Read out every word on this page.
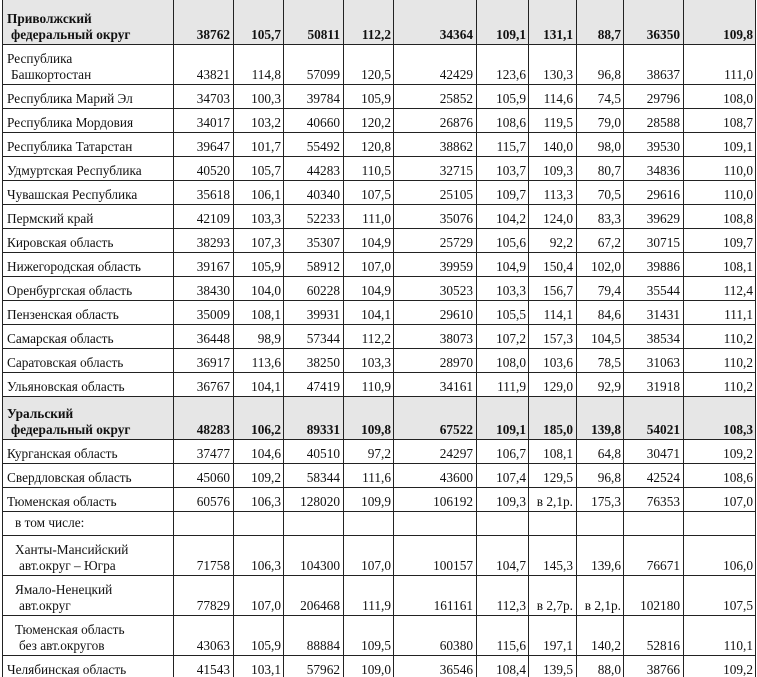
Приволжский
федеральный округ	38762	105,7	50811	112,2	34364	109,1	131,1	88,7	36350	109,8

Республика
Башкортостан	43821	114,8	57099	120,5	42429	123,6	130,3	96,8	38637	111,0

Республика Марий Эл	34703	100,3	39784	105,9	25852	105,9	114,6	74,5	29796	108,0

Республика Мордовия	34017	103,2	40660	120,2	26876	108,6	119,5	79,0	28588	108,7

Республика Татарстан	39647	101,7	55492	120,8	38862	115,7	140,0	98,0	39530	109,1

Удмуртская Республика	40520	105,7	44283	110,5	32715	103,7	109,3	80,7	34836	110,0

Чувашская Республика	35618	106,1	40340	107,5	25105	109,7	113,3	70,5	29616	110,0

Пермский край	42109	103,3	52233	111,0	35076	104,2	124,0	83,3	39629	108,8

Кировская область	38293	107,3	35307	104,9	25729	105,6	92,2	67,2	30715	109,7

Нижегородская область	39167	105,9	58912	107,0	39959	104,9	150,4	102,0	39886	108,1

Оренбургская область	38430	104,0	60228	104,9	30523	103,3	156,7	79,4	35544	112,4

Пензенская область	35009	108,1	39931	104,1	29610	105,5	114,1	84,6	31431	111,1

Самарская область	36448	98,9	57344	112,2	38073	107,2	157,3	104,5	38534	110,2

Саратовская область	36917	113,6	38250	103,3	28970	108,0	103,6	78,5	31063	110,2

Ульяновская область	36767	104,1	47419	110,9	34161	111,9	129,0	92,9	31918	110,2

Уральский
федеральный округ	48283	106,2	89331	109,8	67522	109,1	185,0	139,8	54021	108,3

Курганская область	37477	104,6	40510	97,2	24297	106,7	108,1	64,8	30471	109,2

Свердловская область	45060	109,2	58344	111,6	43600	107,4	129,5	96,8	42524	108,6

Тюменская область	60576	106,3	128020	109,9	106192	109,3	в 2,1р.	175,3	76353	107,0
в том числе:										

Ханты-Мансийский
авт.округ – Югра	71758	106,3	104300	107,0	100157	104,7	145,3	139,6	76671	106,0

Ямало-Ненецкий
авт.округ	77829	107,0	206468	111,9	161161	112,3	в 2,7р.	в 2,1р.	102180	107,5

Тюменская область
без авт.округов	43063	105,9	88884	109,5	60380	115,6	197,1	140,2	52816	110,1

Челябинская область	41543	103,1	57962	109,0	36546	108,4	139,5	88,0	38766	109,2
